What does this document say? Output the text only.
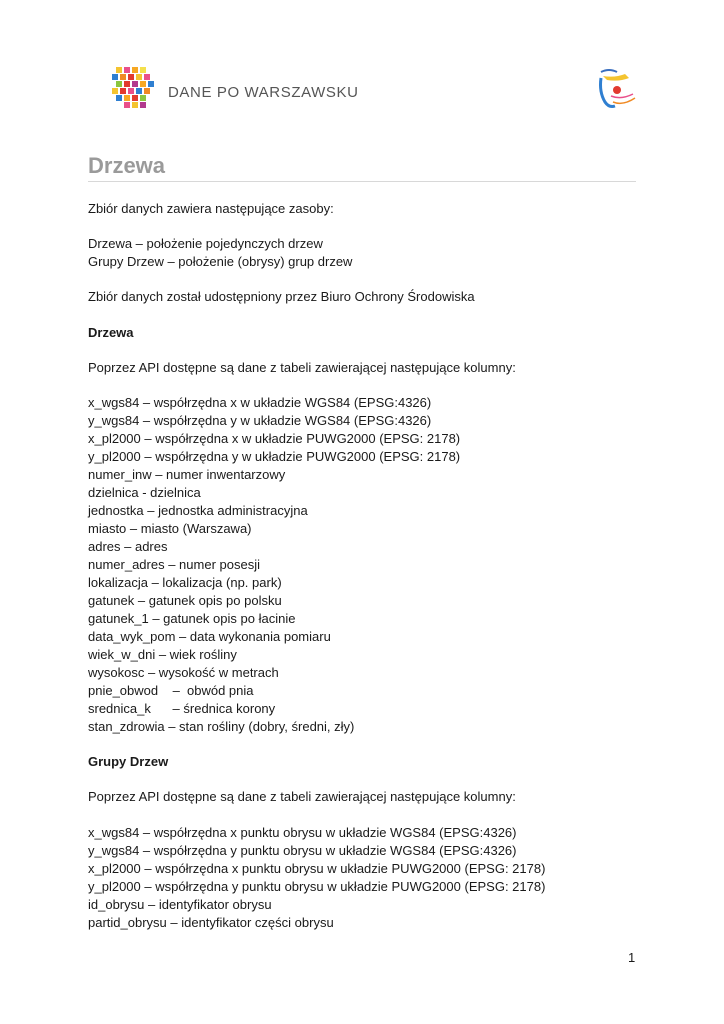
DANE PO WARSZAWSKU
Drzewa
Zbiór danych zawiera następujące zasoby:
Drzewa – położenie pojedynczych drzew
Grupy Drzew – położenie (obrysy) grup drzew
Zbiór danych został udostępniony przez Biuro Ochrony Środowiska
Drzewa
Poprzez API dostępne są dane z tabeli zawierającej następujące kolumny:
x_wgs84 – współrzędna x w układzie WGS84 (EPSG:4326)
y_wgs84 – współrzędna y w układzie WGS84 (EPSG:4326)
x_pl2000 – współrzędna x w układzie PUWG2000 (EPSG: 2178)
y_pl2000 – współrzędna y w układzie PUWG2000 (EPSG: 2178)
numer_inw – numer inwentarzowy
dzielnica - dzielnica
jednostka – jednostka administracyjna
miasto – miasto (Warszawa)
adres – adres
numer_adres – numer posesji
lokalizacja – lokalizacja (np. park)
gatunek – gatunek opis po polsku
gatunek_1 – gatunek opis po łacinie
data_wyk_pom – data wykonania pomiaru
wiek_w_dni – wiek rośliny
wysokosc – wysokość w metrach
pnie_obwod    –  obwód pnia
srednica_k      – średnica korony
stan_zdrowia – stan rośliny (dobry, średni, zły)
Grupy Drzew
Poprzez API dostępne są dane z tabeli zawierającej następujące kolumny:
x_wgs84 – współrzędna x punktu obrysu w układzie WGS84 (EPSG:4326)
y_wgs84 – współrzędna y punktu obrysu w układzie WGS84 (EPSG:4326)
x_pl2000 – współrzędna x punktu obrysu w układzie PUWG2000 (EPSG: 2178)
y_pl2000 – współrzędna y punktu obrysu w układzie PUWG2000 (EPSG: 2178)
id_obrysu – identyfikator obrysu
partid_obrysu – identyfikator części obrysu
1
